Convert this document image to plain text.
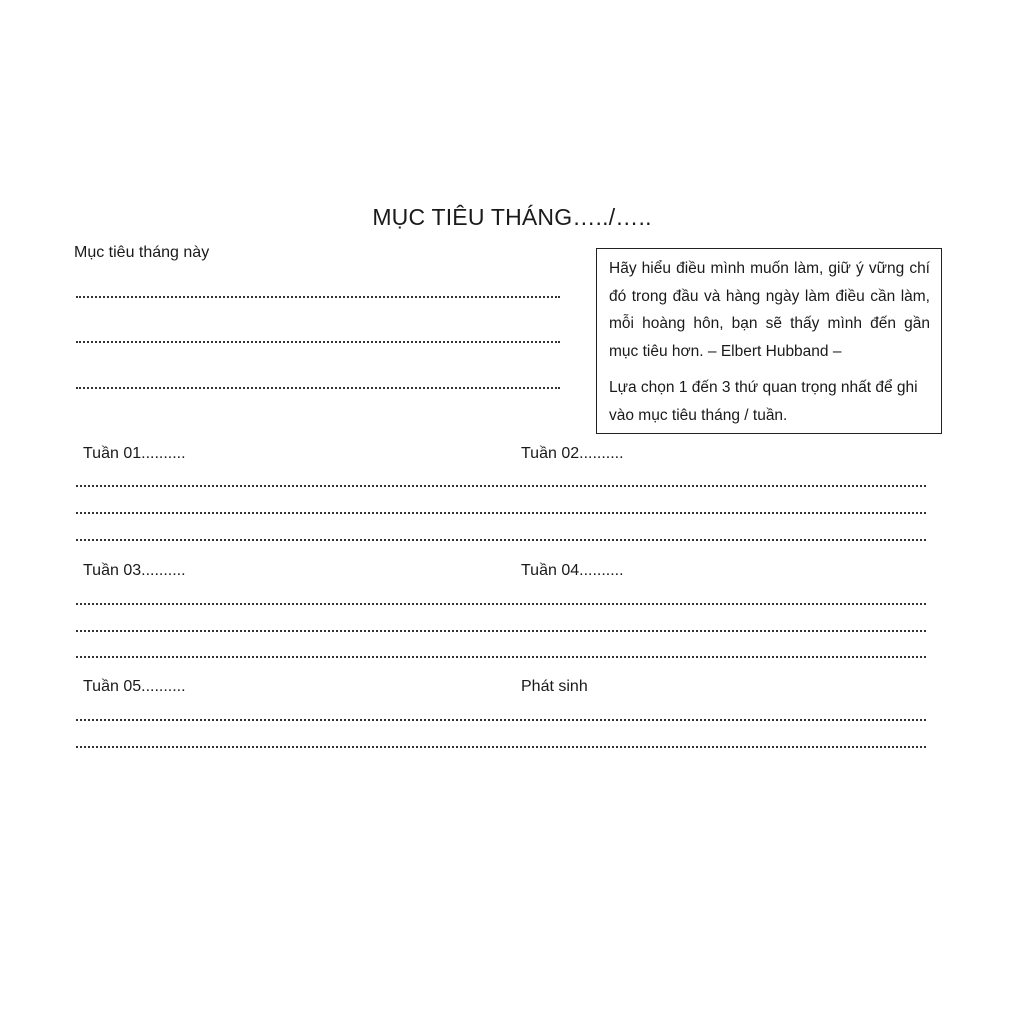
MỤC TIÊU THÁNG…../…..
Mục tiêu tháng này

Hãy hiểu điều mình muốn làm, giữ ý vững chí đó trong đầu và hàng ngày làm điều cần làm, mỗi hoàng hôn, bạn sẽ thấy mình đến gần mục tiêu hơn. – Elbert Hubband –

Lựa chọn 1 đến 3 thứ quan trọng nhất để ghi vào mục tiêu tháng / tuần.

Tuần 01..........	Tuần 02..........
Tuần 03..........	Tuần 04..........
Tuần 05..........	Phát sinh
